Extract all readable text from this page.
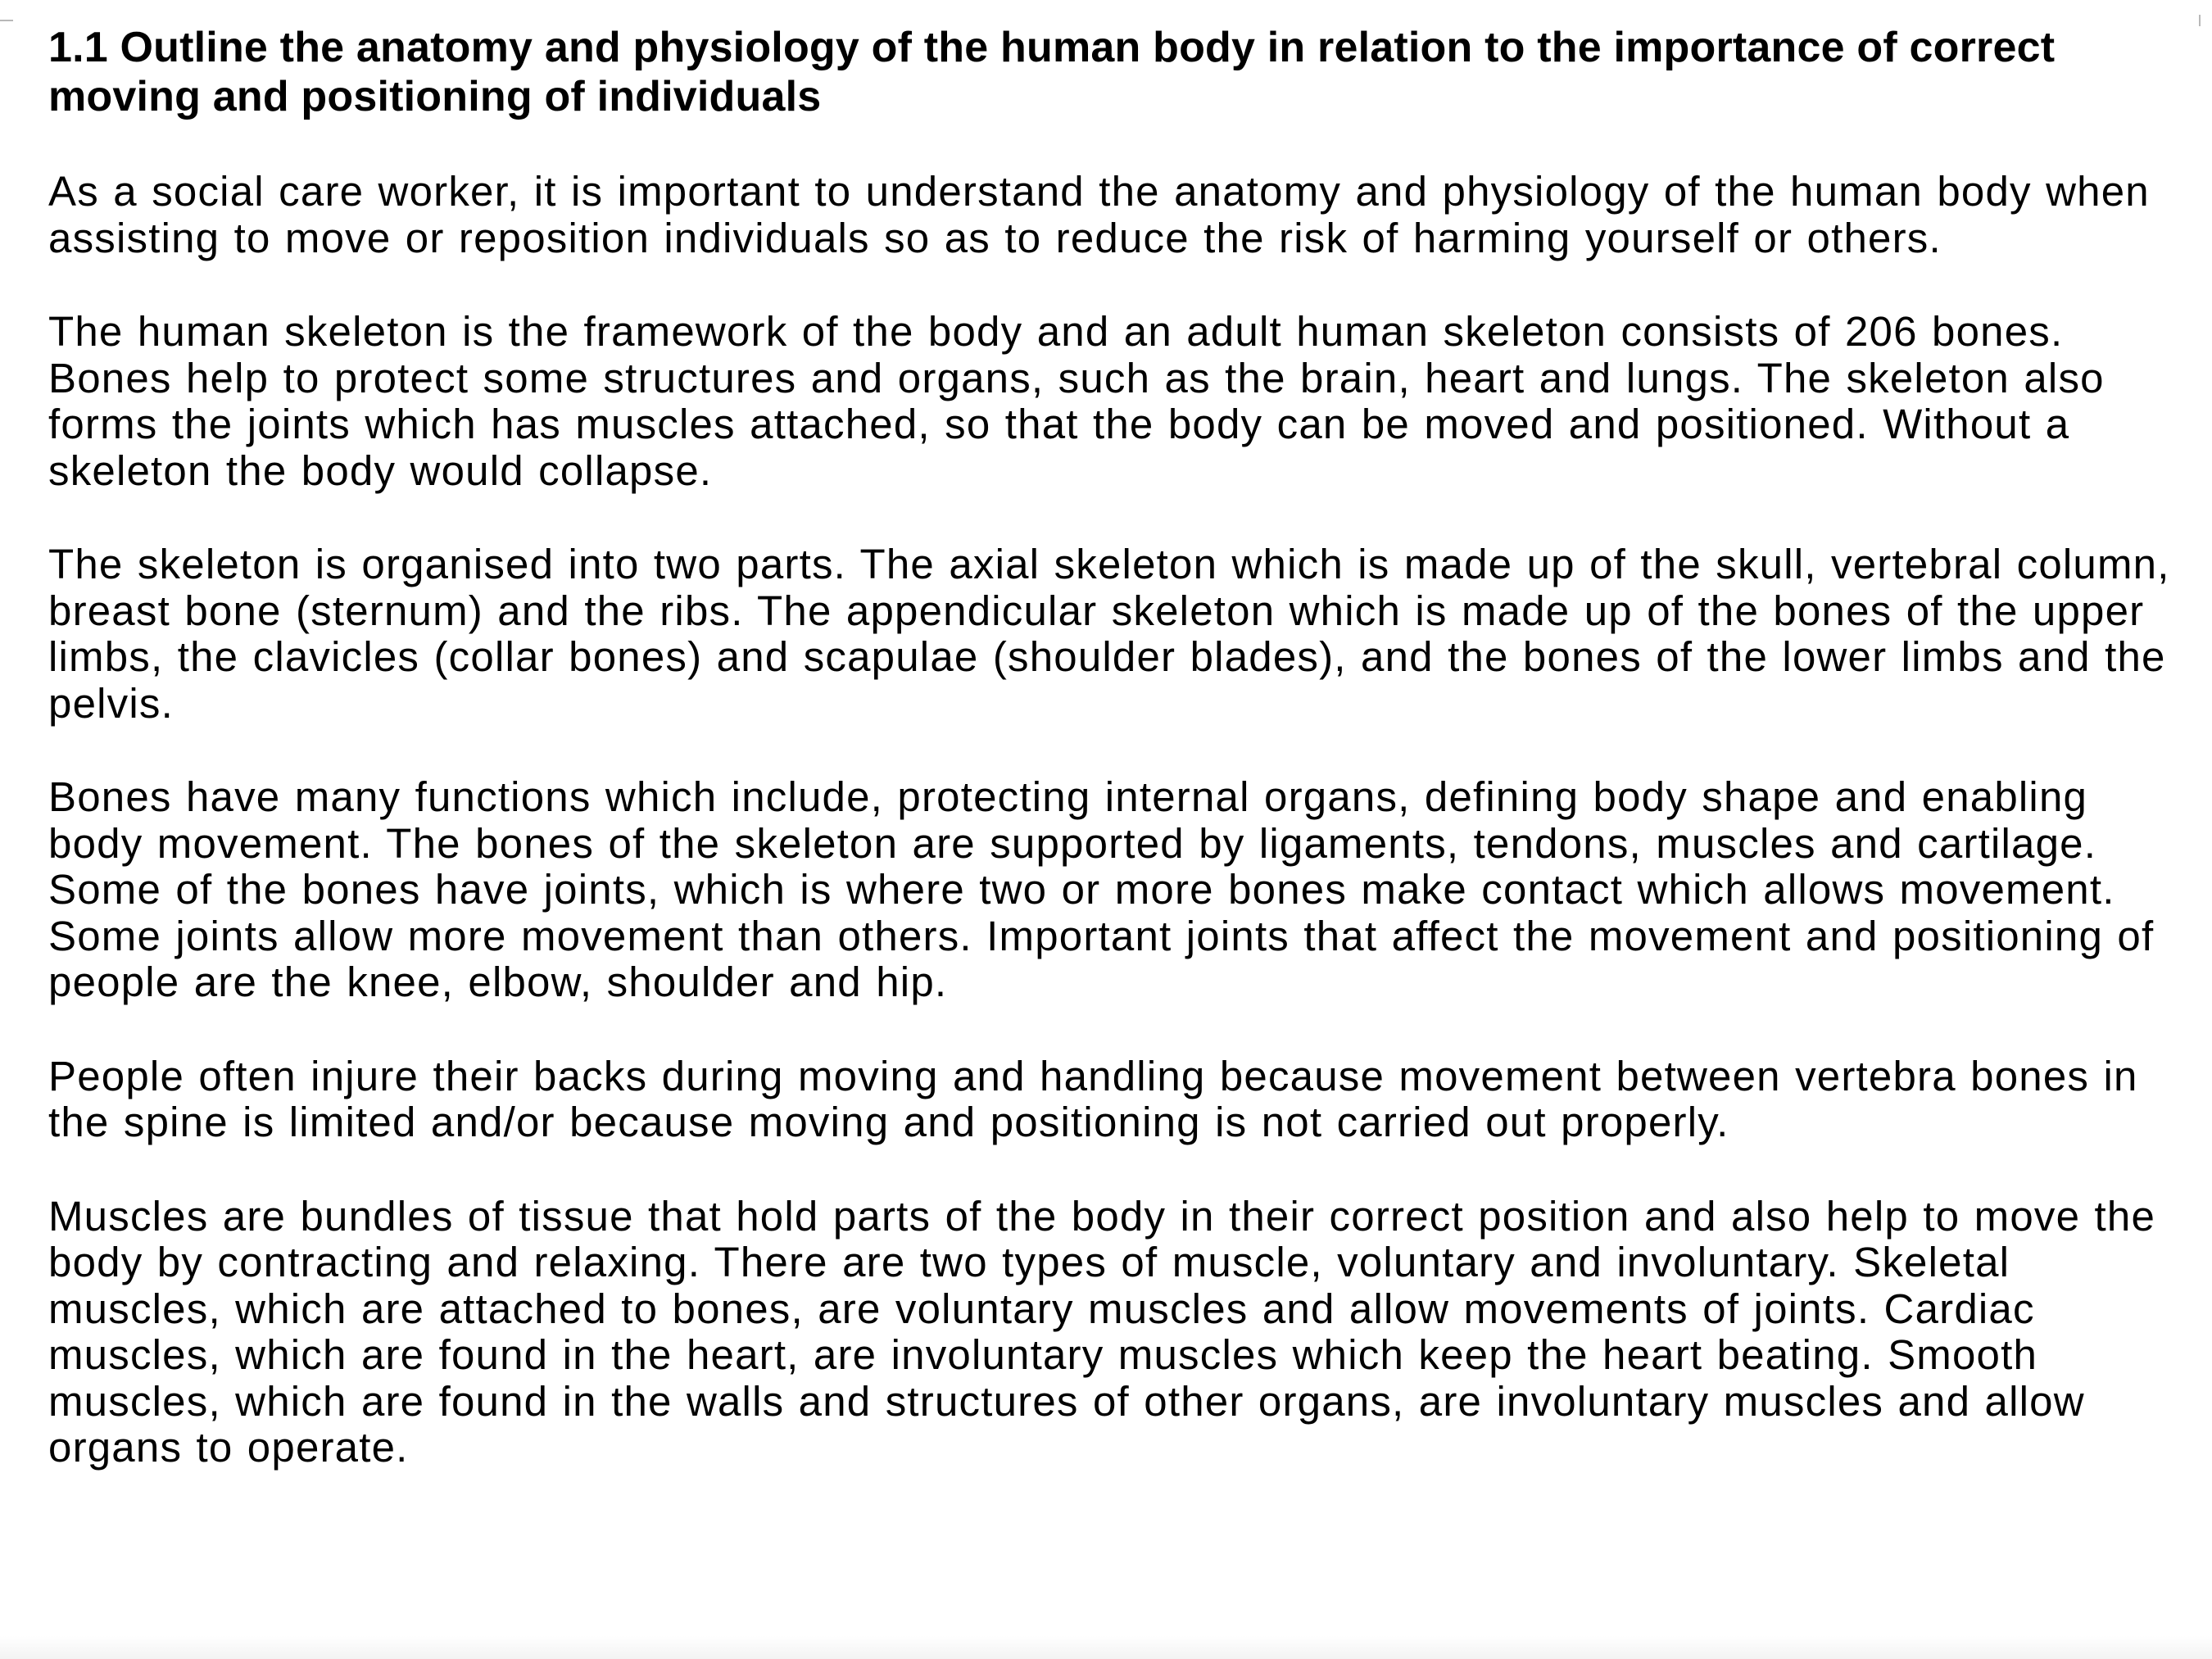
1.1 Outline the anatomy and physiology of the human body in relation to the importance of correct moving and positioning of individuals

As a social care worker, it is important to understand the anatomy and physiology of the human body when assisting to move or reposition individuals so as to reduce the risk of harming yourself or others.

The human skeleton is the framework of the body and an adult human skeleton consists of 206 bones. Bones help to protect some structures and organs, such as the brain, heart and lungs. The skeleton also forms the joints which has muscles attached, so that the body can be moved and positioned. Without a skeleton the body would collapse.

The skeleton is organised into two parts. The axial skeleton which is made up of the skull, vertebral column, breast bone (sternum) and the ribs. The appendicular skeleton which is made up of the bones of the upper limbs, the clavicles (collar bones) and scapulae (shoulder blades), and the bones of the lower limbs and the pelvis.

Bones have many functions which include, protecting internal organs, defining body shape and enabling body movement. The bones of the skeleton are supported by ligaments, tendons, muscles and cartilage. Some of the bones have joints, which is where two or more bones make contact which allows movement. Some joints allow more movement than others. Important joints that affect the movement and positioning of people are the knee, elbow, shoulder and hip.

People often injure their backs during moving and handling because movement between vertebra bones in the spine is limited and/or because moving and positioning is not carried out properly.

Muscles are bundles of tissue that hold parts of the body in their correct position and also help to move the body by contracting and relaxing. There are two types of muscle, voluntary and involuntary. Skeletal muscles, which are attached to bones, are voluntary muscles and allow movements of joints. Cardiac muscles, which are found in the heart, are involuntary muscles which keep the heart beating. Smooth muscles, which are found in the walls and structures of other organs, are involuntary muscles and allow organs to operate.
